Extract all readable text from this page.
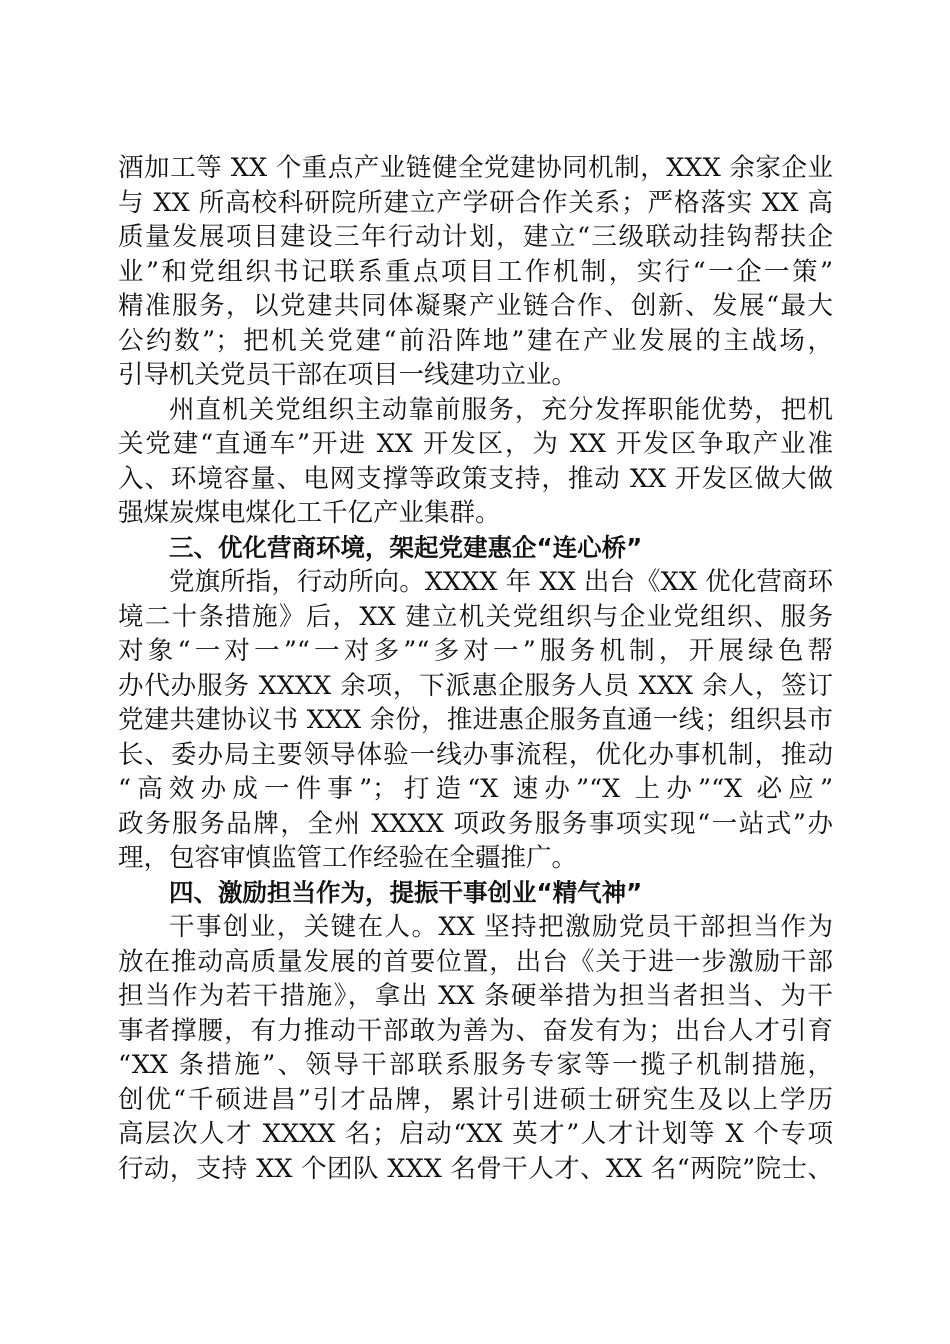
酒加工等 XX 个重点产业链健全党建协同机制，XXX 余家企业
与 XX 所高校科研院所建立产学研合作关系；严格落实 XX 高
质量发展项目建设三年行动计划，建立“三级联动挂钩帮扶企
业”和党组织书记联系重点项目工作机制，实行“一企一策”
精准服务，以党建共同体凝聚产业链合作、创新、发展“最大
公约数”；把机关党建“前沿阵地”建在产业发展的主战场，
引导机关党员干部在项目一线建功立业。
州直机关党组织主动靠前服务，充分发挥职能优势，把机
关党建“直通车”开进 XX 开发区，为 XX 开发区争取产业准
入、环境容量、电网支撑等政策支持，推动 XX 开发区做大做
强煤炭煤电煤化工千亿产业集群。
三、优化营商环境，架起党建惠企“连心桥”
党旗所指，行动所向。XXXX 年 XX 出台《XX 优化营商环
境二十条措施》后，XX 建立机关党组织与企业党组织、服务
对象“一对一”“一对多”“多对一”服务机制，开展绿色帮
办代办服务 XXXX 余项，下派惠企服务人员 XXX 余人，签订
党建共建协议书 XXX 余份，推进惠企服务直通一线；组织县市
长、委办局主要领导体验一线办事流程，优化办事机制，推动
“高效办成一件事”；打造“X 速办”“X 上办”“X 必应”
政务服务品牌，全州 XXXX 项政务服务事项实现“一站式”办
理，包容审慎监管工作经验在全疆推广。
四、激励担当作为，提振干事创业“精气神”
干事创业，关键在人。XX 坚持把激励党员干部担当作为
放在推动高质量发展的首要位置，出台《关于进一步激励干部
担当作为若干措施》，拿出 XX 条硬举措为担当者担当、为干
事者撑腰，有力推动干部敢为善为、奋发有为；出台人才引育
“XX 条措施”、领导干部联系服务专家等一揽子机制措施，
创优“千硕进昌”引才品牌，累计引进硕士研究生及以上学历
高层次人才 XXXX 名；启动“XX 英才”人才计划等 X 个专项
行动，支持 XX 个团队 XXX 名骨干人才、XX 名“两院”院士、
